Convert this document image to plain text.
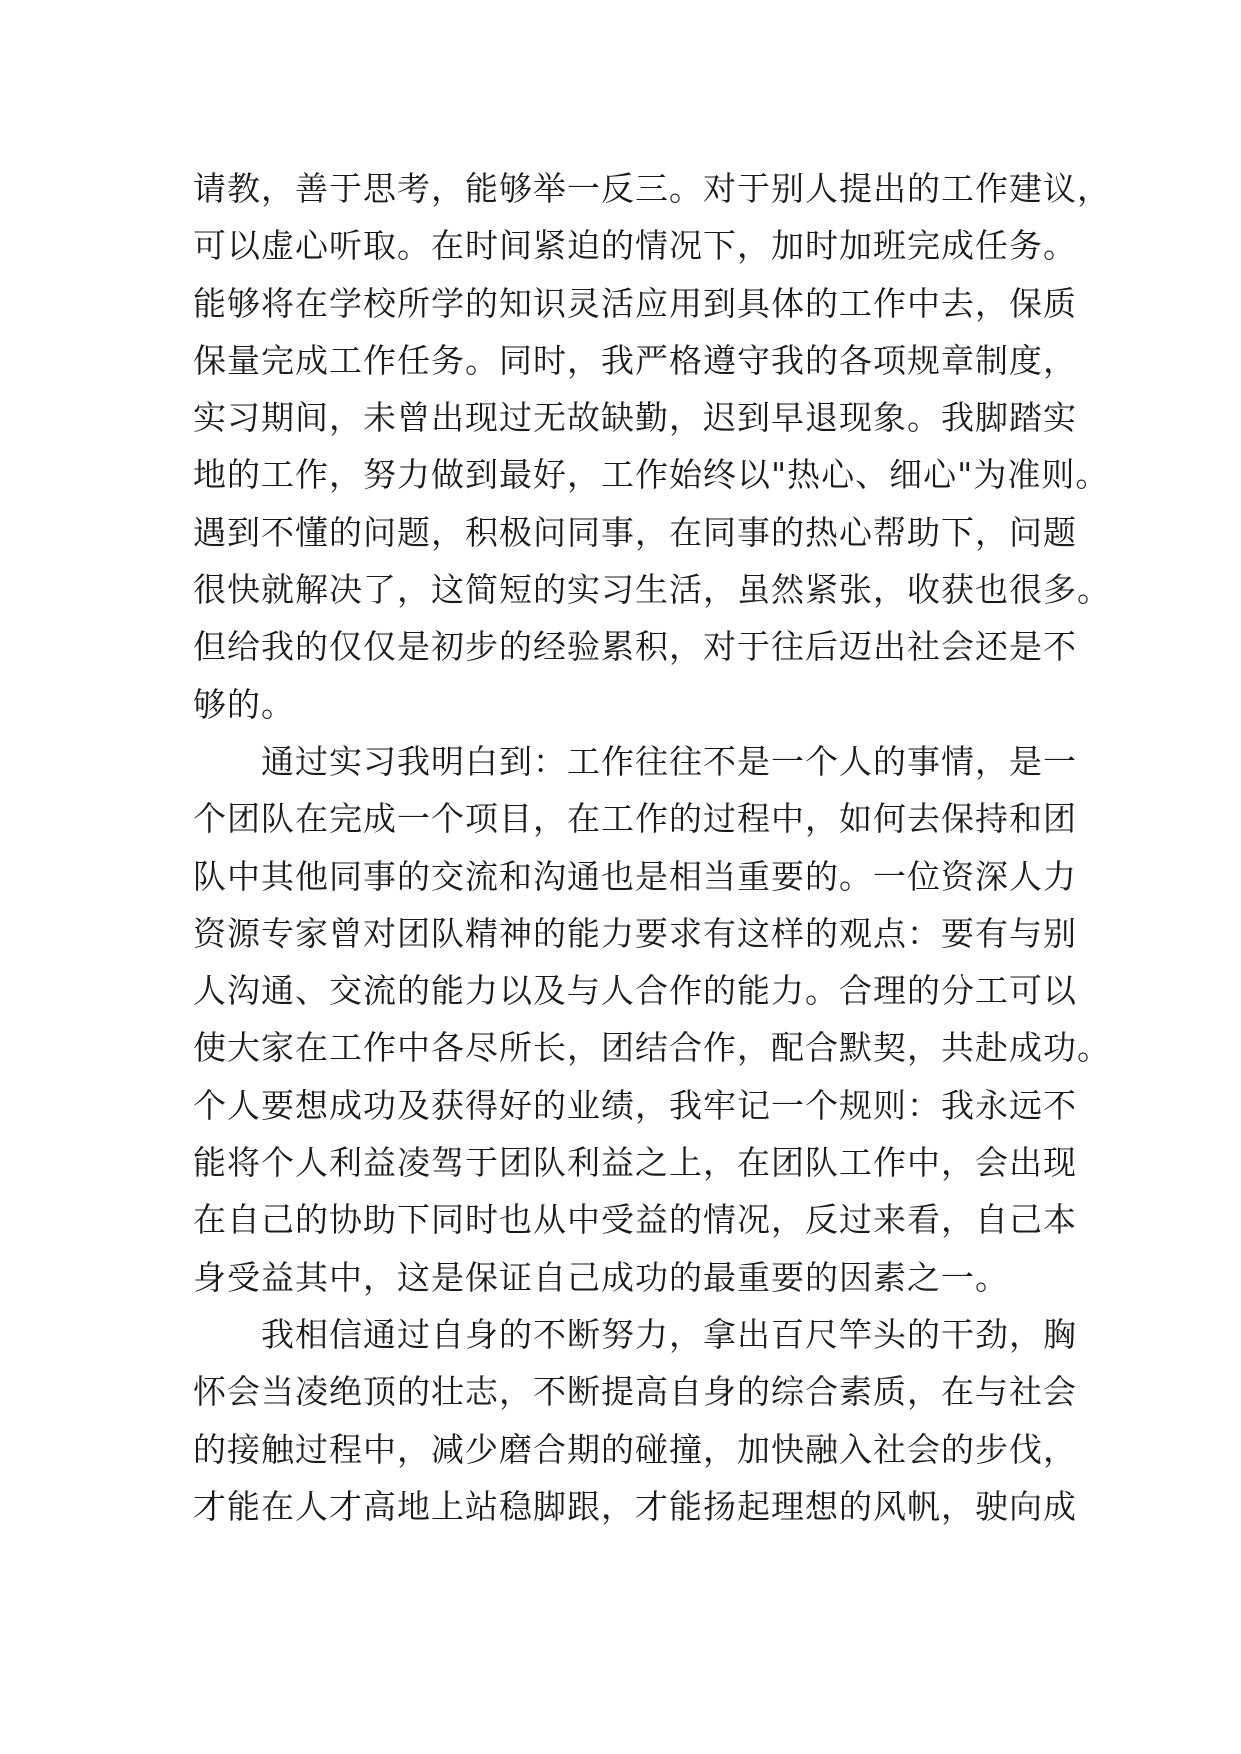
请教，善于思考，能够举一反三。对于别人提出的工作建议，
可以虚心听取。在时间紧迫的情况下，加时加班完成任务。
能够将在学校所学的知识灵活应用到具体的工作中去，保质
保量完成工作任务。同时，我严格遵守我的各项规章制度，
实习期间，未曾出现过无故缺勤，迟到早退现象。我脚踏实
地的工作，努力做到最好，工作始终以"热心、细心"为准则。
遇到不懂的问题，积极问同事，在同事的热心帮助下，问题
很快就解决了，这简短的实习生活，虽然紧张，收获也很多。
但给我的仅仅是初步的经验累积，对于往后迈出社会还是不
够的。
通过实习我明白到：工作往往不是一个人的事情，是一
个团队在完成一个项目，在工作的过程中，如何去保持和团
队中其他同事的交流和沟通也是相当重要的。一位资深人力
资源专家曾对团队精神的能力要求有这样的观点：要有与别
人沟通、交流的能力以及与人合作的能力。合理的分工可以
使大家在工作中各尽所长，团结合作，配合默契，共赴成功。
个人要想成功及获得好的业绩，我牢记一个规则：我永远不
能将个人利益凌驾于团队利益之上，在团队工作中，会出现
在自己的协助下同时也从中受益的情况，反过来看，自己本
身受益其中，这是保证自己成功的最重要的因素之一。
我相信通过自身的不断努力，拿出百尺竿头的干劲，胸
怀会当凌绝顶的壮志，不断提高自身的综合素质，在与社会
的接触过程中，减少磨合期的碰撞，加快融入社会的步伐，
才能在人才高地上站稳脚跟，才能扬起理想的风帆，驶向成
